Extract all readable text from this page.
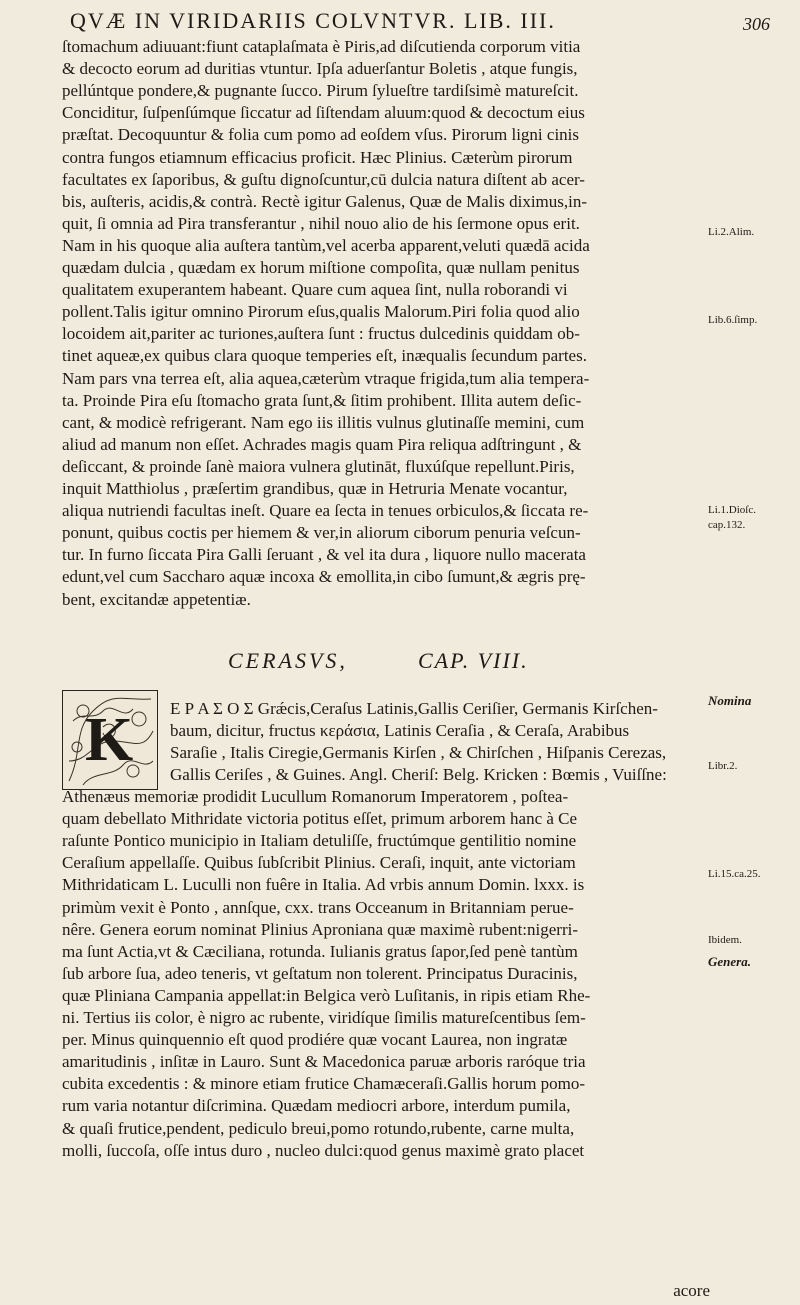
QVÆ IN VIRIDARIIS COLVNTVR. LIB. III.	306
ſtomachum adiuuant:fiunt cataplaſmata è Piris,ad diſcutienda corporum vitia
& decocto eorum ad duritias vtuntur. Ipſa aduerſantur Boletis , atque fungis,
pellúntque pondere,& pugnante ſucco. Pirum ſylueſtre tardiſsimè matureſcit.
Conciditur, ſuſpenſúmque ſiccatur ad ſiſtendam aluum:quod & decoctum eius
præſtat. Decoquuntur & folia cum pomo ad eoſdem vſus. Pirorum ligni cinis
contra fungos etiamnum efficacius proficit. Hæc Plinius. Cæterùm pirorum
facultates ex ſaporibus, & guſtu dignoſcuntur,cū dulcia natura diſtent ab acer-
bis, auſteris, acidis,& contrà. Rectè igitur Galenus, Quæ de Malis diximus,in-
quit, ſi omnia ad Pira transferantur , nihil nouo alio de his ſermone opus erit.
Nam in his quoque alia auſtera tantùm,vel acerba apparent,veluti quædā acida
quædam dulcia , quædam ex horum miſtione compoſita, quæ nullam penitus
qualitatem exuperantem habeant. Quare cum aquea ſint, nulla roborandi vi
pollent.Talis igitur omnino Pirorum eſus,qualis Malorum.Piri folia quod alio
locoidem ait,pariter ac turiones,auſtera ſunt : fructus dulcedinis quiddam ob-
tinet aqueæ,ex quibus clara quoque temperies eſt, inæqualis ſecundum partes.
Nam pars vna terrea eſt, alia aquea,cæterùm vtraque frigida,tum alia tempera-
ta. Proinde Pira eſu ſtomacho grata ſunt,& ſitim prohibent. Illita autem deſic-
cant, & modicè refrigerant. Nam ego iis illitis vulnus glutinaſſe memini, cum
aliud ad manum non eſſet. Achrades magis quam Pira reliqua adſtringunt , &
deſiccant, & proinde ſanè maiora vulnera glutināt, fluxúſque repellunt.Piris,
inquit Matthiolus , præſertim grandibus, quæ in Hetruria Menate vocantur,
aliqua nutriendi facultas ineſt. Quare ea ſecta in tenues orbiculos,& ſiccata re-
ponunt, quibus coctis per hiemem & ver,in aliorum ciborum penuria veſcun-
tur. In furno ſiccata Pira Galli ſeruant , & vel ita dura , liquore nullo macerata
edunt,vel cum Saccharo aquæ incoxa & emollita,in cibo ſumunt,& ægris prę-
bent, excitandæ appetentiæ.
Li.2.Alim.
Lib.6.ſimp.
Li.1.Dioſc.
cap.132.
CERASVS,	CAP. VIII.
K Ε Ρ Α Σ Ο Σ Grǽcis,Ceraſus Latinis,Gallis Ceriſier, Germanis Kirſchen-
baum, dicitur, fructus κεράσια, Latinis Ceraſia , & Ceraſa, Arabibus
Saraſie , Italis Ciregie,Germanis Kirſen , & Chirſchen , Hiſpanis Cerezas,
Gallis Ceriſes , & Guines. Angl. Cheriſ: Belg. Kricken : Bœmis , Vuiſſne:
Nomina
Libr.2.
Li.15.ca.25.
Ibidem.
Genera.
Athenæus memoriæ prodidit Lucullum Romanorum Imperatorem , poſtea-
quam debellato Mithridate victoria potitus eſſet, primum arborem hanc à Ce
raſunte Pontico municipio in Italiam detuliſſe, fructúmque gentilitio nomine
Ceraſium appellaſſe. Quibus ſubſcribit Plinius. Ceraſi, inquit, ante victoriam
Mithridaticam L. Luculli non fuêre in Italia. Ad vrbis annum Domin. lxxx. is
primùm vexit è Ponto , annſque, cxx. trans Occeanum in Britanniam perue-
nêre. Genera eorum nominat Plinius Aproniana quæ maximè rubent:nigerri-
ma ſunt Actia,vt & Cæciliana, rotunda. Iulianis gratus ſapor,ſed penè tantùm
ſub arbore ſua, adeo teneris, vt geſtatum non tolerent. Principatus Duracinis,
quæ Pliniana Campania appellat:in Belgica verò Luſitanis, in ripis etiam Rhe-
ni. Tertius iis color, è nigro ac rubente, viridíque ſimilis matureſcentibus ſem-
per. Minus quinquennio eſt quod prodiére quæ vocant Laurea, non ingratæ
amaritudinis , inſitæ in Lauro. Sunt & Macedonica paruæ arboris raróque tria
cubita excedentis : & minore etiam frutice Chamæceraſi.Gallis horum pomo-
rum varia notantur diſcrimina. Quædam mediocri arbore, interdum pumila,
& quaſi frutice,pendent, pediculo breui,pomo rotundo,rubente, carne multa,
molli, ſuccoſa, oſſe intus duro , nucleo dulci:quod genus maximè grato placet
acore
